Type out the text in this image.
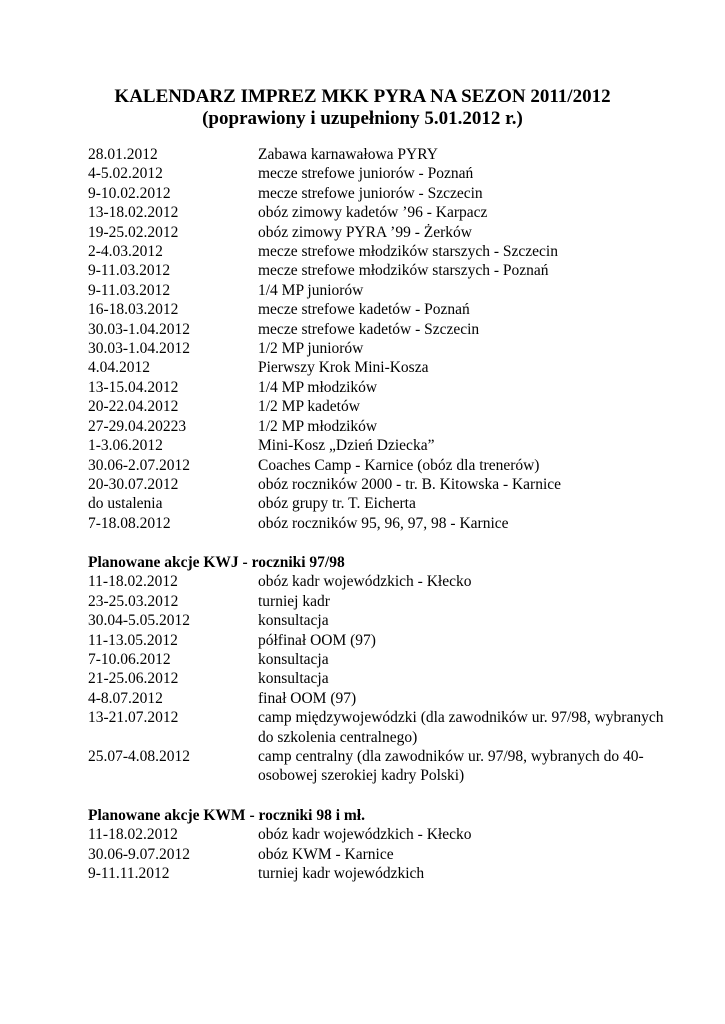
KALENDARZ IMPREZ MKK PYRA NA SEZON 2011/2012
(poprawiony i uzupełniony 5.01.2012 r.)
28.01.2012	Zabawa karnawałowa PYRY
4-5.02.2012	mecze strefowe juniorów - Poznań
9-10.02.2012	mecze strefowe juniorów - Szczecin
13-18.02.2012	obóz zimowy kadetów ’96 - Karpacz
19-25.02.2012	obóz zimowy PYRA ’99 - Żerków
2-4.03.2012	mecze strefowe młodzików starszych - Szczecin
9-11.03.2012	mecze strefowe młodzików starszych - Poznań
9-11.03.2012	1/4 MP juniorów
16-18.03.2012	mecze strefowe kadetów - Poznań
30.03-1.04.2012	mecze strefowe kadetów - Szczecin
30.03-1.04.2012	1/2 MP juniorów
4.04.2012	Pierwszy Krok Mini-Kosza
13-15.04.2012	1/4 MP młodzików
20-22.04.2012	1/2 MP kadetów
27-29.04.20223	1/2 MP młodzików
1-3.06.2012	Mini-Kosz „Dzień Dziecka”
30.06-2.07.2012	Coaches Camp - Karnice (obóz dla trenerów)
20-30.07.2012	obóz roczników 2000 - tr. B. Kitowska - Karnice
do ustalenia	obóz grupy tr. T. Eicherta
7-18.08.2012	obóz roczników 95, 96, 97, 98 - Karnice
Planowane akcje KWJ - roczniki 97/98
11-18.02.2012	obóz kadr wojewódzkich - Kłecko
23-25.03.2012	turniej kadr
30.04-5.05.2012	konsultacja
11-13.05.2012	półfinał OOM (97)
7-10.06.2012	konsultacja
21-25.06.2012	konsultacja
4-8.07.2012	finał OOM (97)
13-21.07.2012	camp międzywojewódzki (dla zawodników ur. 97/98, wybranych do szkolenia centralnego)
25.07-4.08.2012	camp centralny (dla zawodników ur. 97/98, wybranych do 40-osobowej szerokiej kadry Polski)
Planowane akcje KWM - roczniki 98 i mł.
11-18.02.2012	obóz kadr wojewódzkich - Kłecko
30.06-9.07.2012	obóz KWM - Karnice
9-11.11.2012	turniej kadr wojewódzkich
